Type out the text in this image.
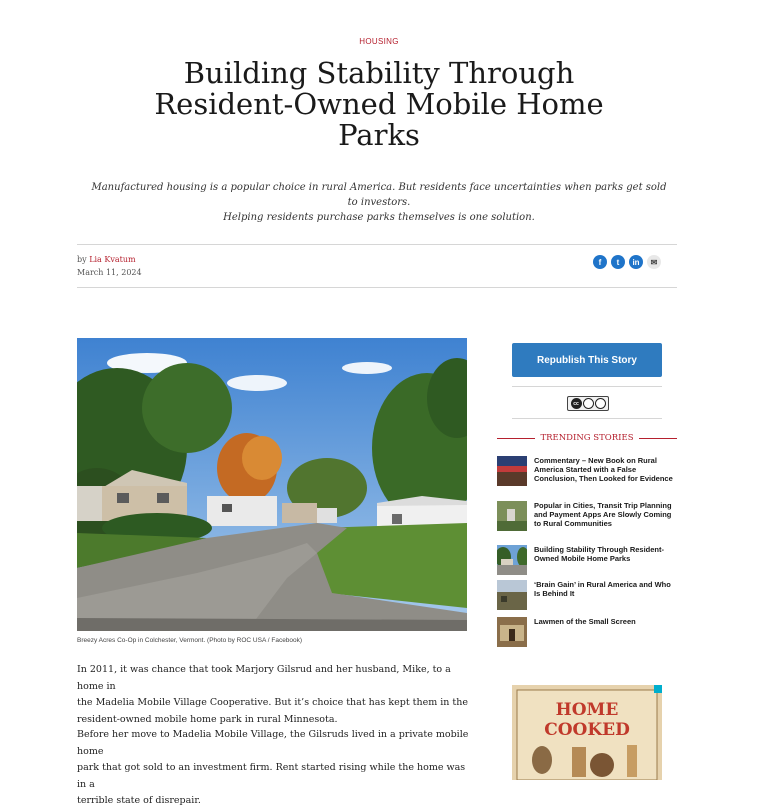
HOUSING
Building Stability Through
Resident-Owned Mobile Home
Parks
Manufactured housing is a popular choice in rural America. But residents face uncertainties when parks get sold to investors.
Helping residents purchase parks themselves is one solution.
by Lia Kvatum
March 11, 2024
f	t	in	✉
Breezy Acres Co-Op in Colchester, Vermont. (Photo by ROC USA / Facebook)
In 2011, it was chance that took Marjory Gilsrud and her husband, Mike, to a home in
the Madelia Mobile Village Cooperative. But it’s choice that has kept them in the
resident-owned mobile home park in rural Minnesota.
Before her move to Madelia Mobile Village, the Gilsruds lived in a private mobile home
park that got sold to an investment firm. Rent started rising while the home was in a
terrible state of disrepair.
Republish This Story
cc
TRENDING STORIES
Commentary – New Book on Rural America Started with a False Conclusion, Then Looked for Evidence
Popular in Cities, Transit Trip Planning and Payment Apps Are Slowly Coming to Rural Communities
Building Stability Through Resident-Owned Mobile Home Parks
‘Brain Gain’ in Rural America and Who Is Behind It
Lawmen of the Small Screen
HOME
COOKED
